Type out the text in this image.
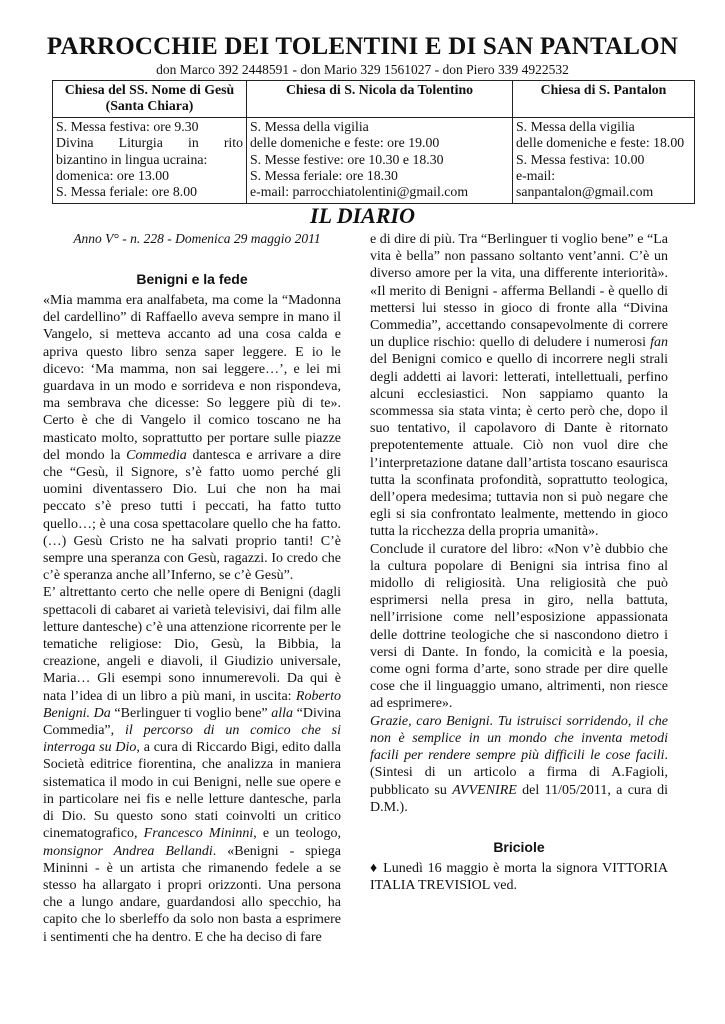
PARROCCHIE DEI TOLENTINI E DI SAN PANTALON
don Marco 392 2448591 - don Mario 329 1561027 - don Piero 339 4922532
Chiesa del SS. Nome di Gesù
(Santa Chiara)	Chiesa di S. Nicola da Tolentino	Chiesa di S. Pantalon

S. Messa festiva: ore 9.30
Divina Liturgia in rito
bizantino in lingua ucraina:
domenica: ore 13.00
S. Messa feriale: ore 8.00	S. Messa della vigilia
delle domeniche e feste: ore 19.00
S. Messe festive: ore 10.30 e 18.30
S. Messa feriale: ore 18.30
e-mail: parrocchiatolentini@gmail.com	S. Messa della vigilia
delle domeniche e feste: 18.00
S. Messa festiva: 10.00
e-mail:
sanpantalon@gmail.com
IL DIARIO
Anno V° - n. 228 - Domenica 29 maggio 2011
Benigni e la fede

«Mia mamma era analfabeta, ma come la “Madonna del cardellino” di Raffaello aveva sempre in mano il Vangelo, si metteva accanto ad una cosa calda e apriva questo libro senza saper leggere. E io le dicevo: ‘Ma mamma, non sai leggere…’, e lei mi guardava in un modo e sorrideva e non rispondeva, ma sembrava che dicesse: So leggere più di te». Certo è che di Vangelo il comico toscano ne ha masticato molto, soprattutto per portare sulle piazze del mondo la Commedia dantesca e arrivare a dire che “Gesù, il Signore, s’è fatto uomo perché gli uomini diventassero Dio. Lui che non ha mai peccato s’è preso tutti i peccati, ha fatto tutto quello…; è una cosa spettacolare quello che ha fatto. (…) Gesù Cristo ne ha salvati proprio tanti! C’è sempre una speranza con Gesù, ragazzi. Io credo che c’è speranza anche all’Inferno, se c’è Gesù”.

E’ altrettanto certo che nelle opere di Benigni (dagli spettacoli di cabaret ai varietà televisivi, dai film alle letture dantesche) c’è una attenzione ricorrente per le tematiche religiose: Dio, Gesù, la Bibbia, la creazione, angeli e diavoli, il Giudizio universale, Maria… Gli esempi sono innumerevoli. Da qui è nata l’idea di un libro a più mani, in uscita: Roberto Benigni. Da “Berlinguer ti voglio bene” alla “Divina Commedia”, il percorso di un comico che si interroga su Dio, a cura di Riccardo Bigi, edito dalla Società editrice fiorentina, che analizza in maniera sistematica il modo in cui Benigni, nelle sue opere e in particolare nei fis e nelle letture dantesche, parla di Dio. Su questo sono stati coinvolti un critico cinematografico, Francesco Mininni, e un teologo, monsignor Andrea Bellandi. «Benigni - spiega Mininni - è un artista che rimanendo fedele a se stesso ha allargato i propri orizzonti. Una persona che a lungo andare, guardandosi allo specchio, ha capito che lo sberleffo da solo non basta a esprimere i sentimenti che ha dentro. E che ha deciso di fare

e di dire di più. Tra “Berlinguer ti voglio bene” e “La vita è bella” non passano soltanto vent’anni. C’è un diverso amore per la vita, una differente interiorità». «Il merito di Benigni - afferma Bellandi - è quello di mettersi lui stesso in gioco di fronte alla “Divina Commedia”, accettando consapevolmente di correre un duplice rischio: quello di deludere i numerosi fan del Benigni comico e quello di incorrere negli strali degli addetti ai lavori: letterati, intellettuali, perfino alcuni ecclesiastici. Non sappiamo quanto la scommessa sia stata vinta; è certo però che, dopo il suo tentativo, il capolavoro di Dante è ritornato prepotentemente attuale. Ciò non vuol dire che l’interpretazione datane dall’artista toscano esaurisca tutta la sconfinata profondità, soprattutto teologica, dell’opera medesima; tuttavia non si può negare che egli si sia confrontato lealmente, mettendo in gioco tutta la ricchezza della propria umanità».

Conclude il curatore del libro: «Non v’è dubbio che la cultura popolare di Benigni sia intrisa fino al midollo di religiosità. Una religiosità che può esprimersi nella presa in giro, nella battuta, nell’irrisione come nell’esposizione appassionata delle dottrine teologiche che si nascondono dietro i versi di Dante. In fondo, la comicità e la poesia, come ogni forma d’arte, sono strade per dire quelle cose che il linguaggio umano, altrimenti, non riesce ad esprimere».

Grazie, caro Benigni. Tu istruisci sorridendo, il che non è semplice in un mondo che inventa metodi facili per rendere sempre più difficili le cose facili. (Sintesi di un articolo a firma di A.Fagioli, pubblicato su AVVENIRE del 11/05/2011, a cura di D.M.).

Briciole

♦ Lunedì 16 maggio è morta la signora VITTORIA ITALIA TREVISIOL ved.
